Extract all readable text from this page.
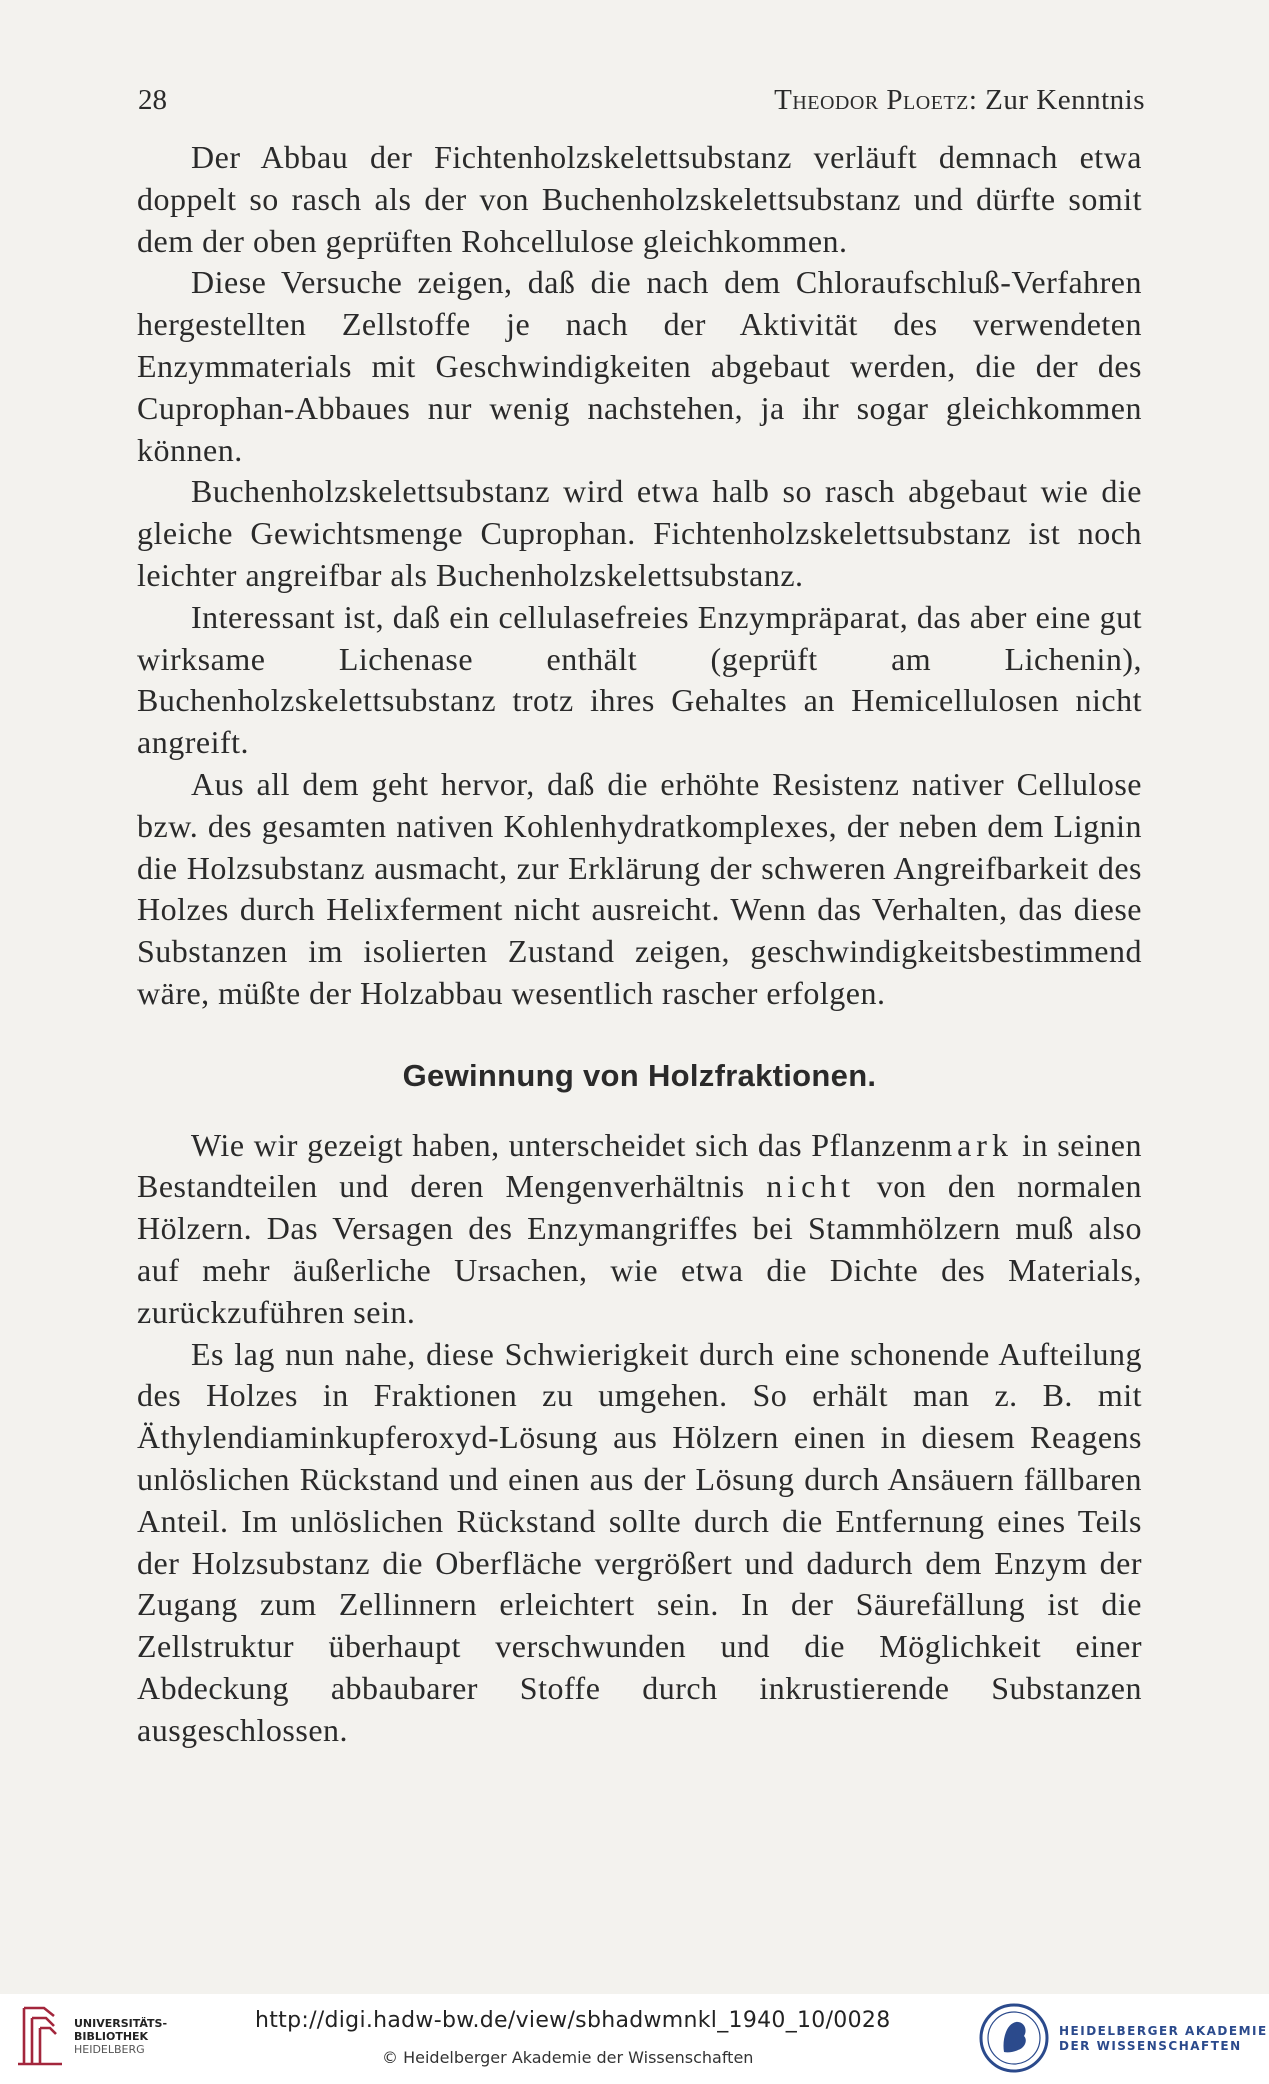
28	Theodor Ploetz: Zur Kenntnis

Der Abbau der Fichtenholzskelettsubstanz verläuft demnach etwa doppelt so rasch als der von Buchenholzskelettsubstanz und dürfte somit dem der oben geprüften Rohcellulose gleichkommen.

Diese Versuche zeigen, daß die nach dem Chloraufschluß-Verfahren hergestellten Zellstoffe je nach der Aktivität des verwendeten Enzymmaterials mit Geschwindigkeiten abgebaut werden, die der des Cuprophan-Abbaues nur wenig nachstehen, ja ihr sogar gleichkommen können.

Buchenholzskelettsubstanz wird etwa halb so rasch abgebaut wie die gleiche Gewichtsmenge Cuprophan. Fichtenholzskelettsubstanz ist noch leichter angreifbar als Buchenholzskelettsubstanz.

Interessant ist, daß ein cellulasefreies Enzympräparat, das aber eine gut wirksame Lichenase enthält (geprüft am Lichenin), Buchenholzskelettsubstanz trotz ihres Gehaltes an Hemicellulosen nicht angreift.

Aus all dem geht hervor, daß die erhöhte Resistenz nativer Cellulose bzw. des gesamten nativen Kohlenhydratkomplexes, der neben dem Lignin die Holzsubstanz ausmacht, zur Erklärung der schweren Angreifbarkeit des Holzes durch Helixferment nicht ausreicht. Wenn das Verhalten, das diese Substanzen im isolierten Zustand zeigen, geschwindigkeitsbestimmend wäre, müßte der Holzabbau wesentlich rascher erfolgen.

Gewinnung von Holzfraktionen.

Wie wir gezeigt haben, unterscheidet sich das Pflanzenmark in seinen Bestandteilen und deren Mengenverhältnis nicht von den normalen Hölzern. Das Versagen des Enzymangriffes bei Stammhölzern muß also auf mehr äußerliche Ursachen, wie etwa die Dichte des Materials, zurückzuführen sein.

Es lag nun nahe, diese Schwierigkeit durch eine schonende Aufteilung des Holzes in Fraktionen zu umgehen. So erhält man z. B. mit Äthylendiaminkupferoxyd-Lösung aus Hölzern einen in diesem Reagens unlöslichen Rückstand und einen aus der Lösung durch Ansäuern fällbaren Anteil. Im unlöslichen Rückstand sollte durch die Entfernung eines Teils der Holzsubstanz die Oberfläche vergrößert und dadurch dem Enzym der Zugang zum Zellinnern erleichtert sein. In der Säurefällung ist die Zellstruktur überhaupt verschwunden und die Möglichkeit einer Abdeckung abbaubarer Stoffe durch inkrustierende Substanzen ausgeschlossen.

UNIVERSITÄTS-
BIBLIOTHEK
HEIDELBERG
http://digi.hadw-bw.de/view/sbhadwmnkl_1940_10/0028
© Heidelberger Akademie der Wissenschaften
HEIDELBERGER AKADEMIE
DER WISSENSCHAFTEN
